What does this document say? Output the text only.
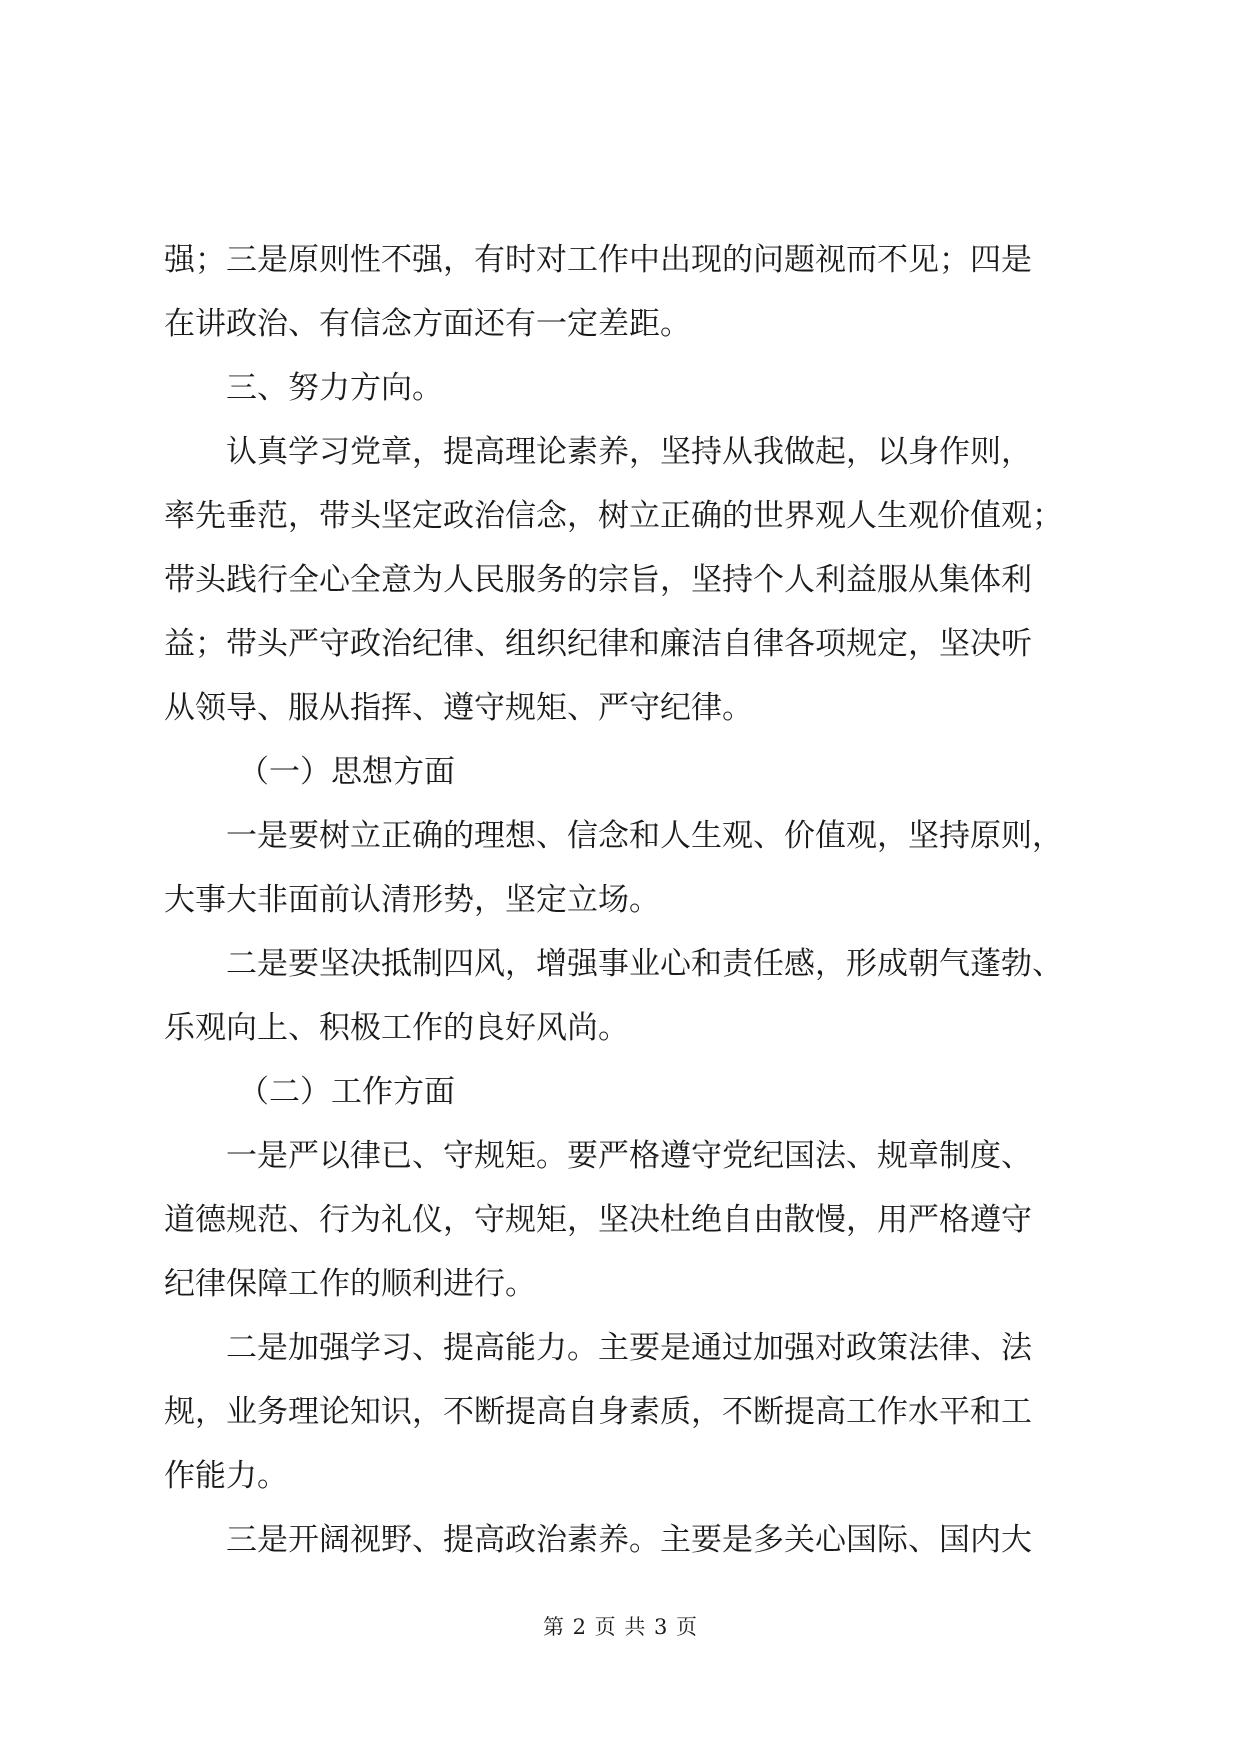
强；三是原则性不强，有时对工作中出现的问题视而不见；四是
在讲政治、有信念方面还有一定差距。
三、努力方向。
认真学习党章，提高理论素养，坚持从我做起，以身作则，
率先垂范，带头坚定政治信念，树立正确的世界观人生观价值观；
带头践行全心全意为人民服务的宗旨，坚持个人利益服从集体利
益；带头严守政治纪律、组织纪律和廉洁自律各项规定，坚决听
从领导、服从指挥、遵守规矩、严守纪律。
（一）思想方面
一是要树立正确的理想、信念和人生观、价值观，坚持原则，
大事大非面前认清形势，坚定立场。
二是要坚决抵制四风，增强事业心和责任感，形成朝气蓬勃、
乐观向上、积极工作的良好风尚。
（二）工作方面
一是严以律已、守规矩。要严格遵守党纪国法、规章制度、
道德规范、行为礼仪，守规矩，坚决杜绝自由散慢，用严格遵守
纪律保障工作的顺利进行。
二是加强学习、提高能力。主要是通过加强对政策法律、法
规，业务理论知识，不断提高自身素质，不断提高工作水平和工
作能力。
三是开阔视野、提高政治素养。主要是多关心国际、国内大
第 2 页 共 3 页
